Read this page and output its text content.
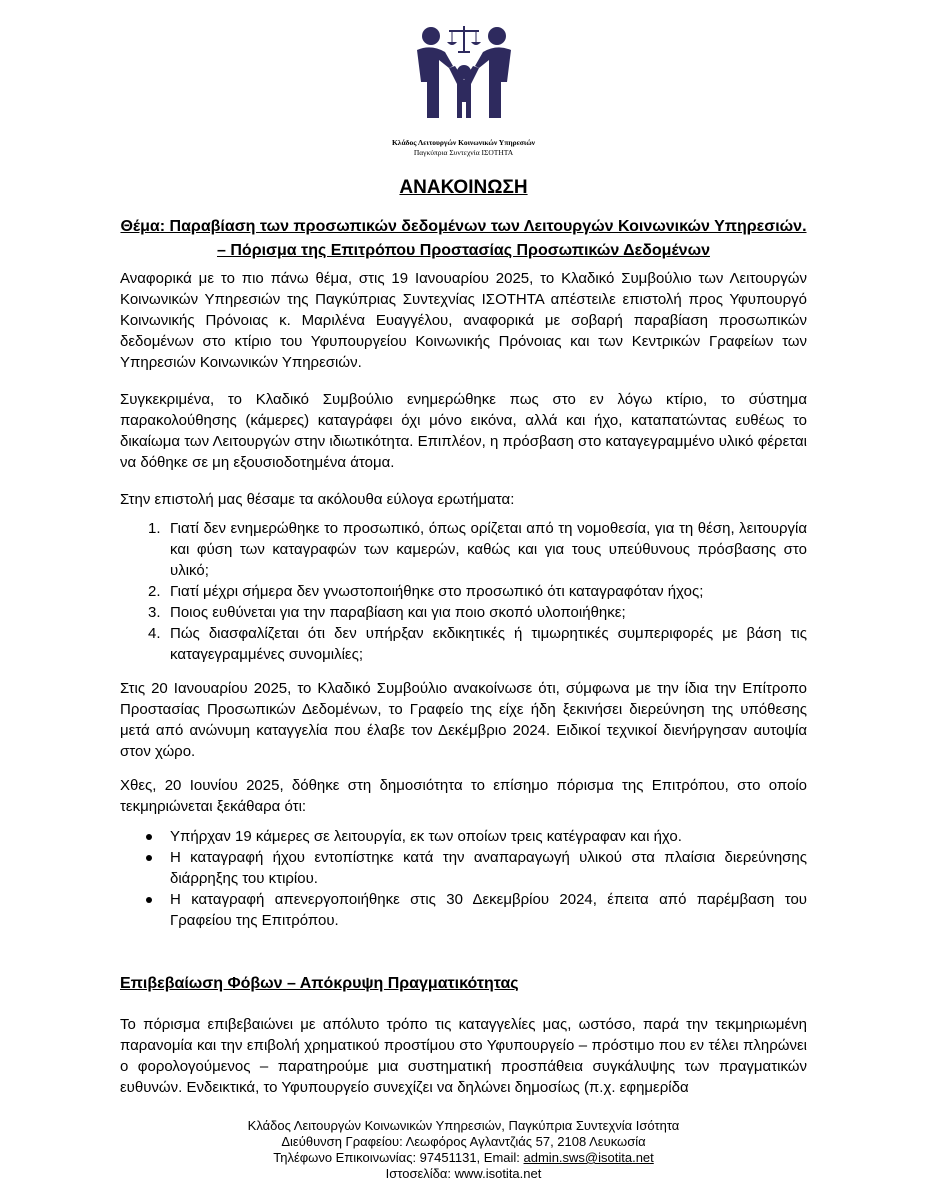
Κλάδος Λειτουργών Κοινωνικών Υπηρεσιών
Παγκύπρια Συντεχνία ΙΣΟΤΗΤΑ
ΑΝΑΚΟΙΝΩΣΗ
Θέμα: Παραβίαση των προσωπικών δεδομένων των Λειτουργών Κοινωνικών Υπηρεσιών. – Πόρισμα της Επιτρόπου Προστασίας Προσωπικών Δεδομένων

Αναφορικά με το πιο πάνω θέμα, στις 19 Ιανουαρίου 2025, το Κλαδικό Συμβούλιο των Λειτουργών Κοινωνικών Υπηρεσιών της Παγκύπριας Συντεχνίας ΙΣΟΤΗΤΑ απέστειλε επιστολή προς Υφυπουργό Κοινωνικής Πρόνοιας κ. Μαριλένα Ευαγγέλου, αναφορικά με σοβαρή παραβίαση προσωπικών δεδομένων στο κτίριο του Υφυπουργείου Κοινωνικής Πρόνοιας και των Κεντρικών Γραφείων των Υπηρεσιών Κοινωνικών Υπηρεσιών.

Συγκεκριμένα, το Κλαδικό Συμβούλιο ενημερώθηκε πως στο εν λόγω κτίριο, το σύστημα παρακολούθησης (κάμερες) καταγράφει όχι μόνο εικόνα, αλλά και ήχο, καταπατώντας ευθέως το δικαίωμα των Λειτουργών στην ιδιωτικότητα. Επιπλέον, η πρόσβαση στο καταγεγραμμένο υλικό φέρεται να δόθηκε σε μη εξουσιοδοτημένα άτομα.

Στην επιστολή μας θέσαμε τα ακόλουθα εύλογα ερωτήματα:

1. Γιατί δεν ενημερώθηκε το προσωπικό, όπως ορίζεται από τη νομοθεσία, για τη θέση, λειτουργία και φύση των καταγραφών των καμερών, καθώς και για τους υπεύθυνους πρόσβασης στο υλικό;
2. Γιατί μέχρι σήμερα δεν γνωστοποιήθηκε στο προσωπικό ότι καταγραφόταν ήχος;
3. Ποιος ευθύνεται για την παραβίαση και για ποιο σκοπό υλοποιήθηκε;
4. Πώς διασφαλίζεται ότι δεν υπήρξαν εκδικητικές ή τιμωρητικές συμπεριφορές με βάση τις καταγεγραμμένες συνομιλίες;

Στις 20 Ιανουαρίου 2025, το Κλαδικό Συμβούλιο ανακοίνωσε ότι, σύμφωνα με την ίδια την Επίτροπο Προστασίας Προσωπικών Δεδομένων, το Γραφείο της είχε ήδη ξεκινήσει διερεύνηση της υπόθεσης μετά από ανώνυμη καταγγελία που έλαβε τον Δεκέμβριο 2024. Ειδικοί τεχνικοί διενήργησαν αυτοψία στον χώρο.

Χθες, 20 Ιουνίου 2025, δόθηκε στη δημοσιότητα το επίσημο πόρισμα της Επιτρόπου, στο οποίο τεκμηριώνεται ξεκάθαρα ότι:

Υπήρχαν 19 κάμερες σε λειτουργία, εκ των οποίων τρεις κατέγραφαν και ήχο.
Η καταγραφή ήχου εντοπίστηκε κατά την αναπαραγωγή υλικού στα πλαίσια διερεύνησης διάρρηξης του κτιρίου.
Η καταγραφή απενεργοποιήθηκε στις 30 Δεκεμβρίου 2024, έπειτα από παρέμβαση του Γραφείου της Επιτρόπου.
Επιβεβαίωση Φόβων – Απόκρυψη Πραγματικότητας

Το πόρισμα επιβεβαιώνει με απόλυτο τρόπο τις καταγγελίες μας, ωστόσο, παρά την τεκμηριωμένη παρανομία και την επιβολή χρηματικού προστίμου στο Υφυπουργείο – πρόστιμο που εν τέλει πληρώνει ο φορολογούμενος – παρατηρούμε μια συστηματική προσπάθεια συγκάλυψης των πραγματικών ευθυνών. Ενδεικτικά, το Υφυπουργείο συνεχίζει να δηλώνει δημοσίως (π.χ. εφημερίδα

Κλάδος Λειτουργών Κοινωνικών Υπηρεσιών, Παγκύπρια Συντεχνία Ισότητα
Διεύθυνση Γραφείου: Λεωφόρος Αγλαντζιάς 57, 2108 Λευκωσία
Τηλέφωνο Επικοινωνίας: 97451131, Email: admin.sws@isotita.net
Ιστοσελίδα: www.isotita.net
